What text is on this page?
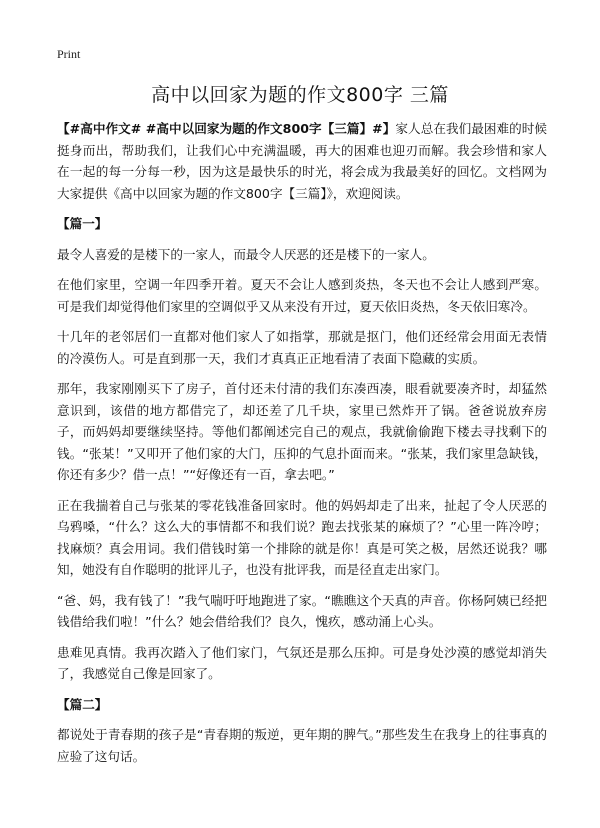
Print
高中以回家为题的作文800字 三篇

【#高中作文# #高中以回家为题的作文800字【三篇】#】家人总在我们最困难的时候挺身而出，帮助我们，让我们心中充满温暖，再大的困难也迎刃而解。我会珍惜和家人在一起的每一分每一秒，因为这是最快乐的时光，将会成为我最美好的回忆。文档网为大家提供《高中以回家为题的作文800字【三篇】》，欢迎阅读。

【篇一】

最令人喜爱的是楼下的一家人，而最令人厌恶的还是楼下的一家人。

在他们家里，空调一年四季开着。夏天不会让人感到炎热，冬天也不会让人感到严寒。可是我们却觉得他们家里的空调似乎又从来没有开过，夏天依旧炎热，冬天依旧寒冷。

十几年的老邻居们一直都对他们家人了如指掌，那就是抠门，他们还经常会用面无表情的冷漠伤人。可是直到那一天，我们才真真正正地看清了表面下隐藏的实质。

那年，我家刚刚买下了房子，首付还未付清的我们东凑西凑，眼看就要凑齐时，却猛然意识到，该借的地方都借完了，却还差了几千块，家里已然炸开了锅。爸爸说放弃房子，而妈妈却要继续坚持。等他们都阐述完自己的观点，我就偷偷跑下楼去寻找剩下的钱。“张某！”又叩开了他们家的大门，压抑的气息扑面而来。“张某，我们家里急缺钱，你还有多少？借一点！”“好像还有一百，拿去吧。”

正在我揣着自己与张某的零花钱准备回家时。他的妈妈却走了出来，扯起了令人厌恶的乌鸦嗓，“什么？这么大的事情都不和我们说？跑去找张某的麻烦了？”心里一阵冷哼；找麻烦？真会用词。我们借钱时第一个排除的就是你！真是可笑之极，居然还说我？哪知，她没有自作聪明的批评儿子，也没有批评我，而是径直走出家门。

“爸、妈，我有钱了！”我气喘吁吁地跑进了家。“瞧瞧这个天真的声音。你杨阿姨已经把钱借给我们啦！”什么？她会借给我们？良久，愧疚，感动涌上心头。

患难见真情。我再次踏入了他们家门，气氛还是那么压抑。可是身处沙漠的感觉却消失了，我感觉自己像是回家了。

【篇二】

都说处于青春期的孩子是“青春期的叛逆，更年期的脾气。”那些发生在我身上的往事真的应验了这句话。
